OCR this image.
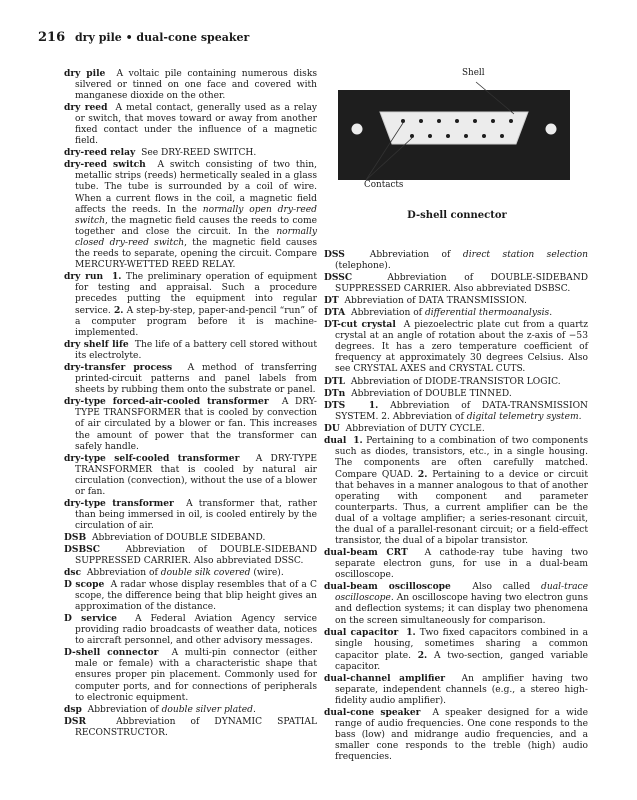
216 dry pile • dual-cone speaker

dry pile A voltaic pile containing numerous disks silvered or tinned on one face and covered with manganese dioxide on the other.

dry reed A metal contact, generally used as a relay or switch, that moves toward or away from another fixed contact under the influence of a magnetic field.

dry-reed relay See DRY-REED SWITCH.

dry-reed switch A switch consisting of two thin, metallic strips (reeds) hermetically sealed in a glass tube. The tube is surrounded by a coil of wire. When a current flows in the coil, a magnetic field affects the reeds. In the normally open dry-reed switch, the magnetic field causes the reeds to come together and close the circuit. In the normally closed dry-reed switch, the magnetic field causes the reeds to separate, opening the circuit. Compare MERCURY-WETTED REED RELAY.

dry run 1. The preliminary operation of equipment for testing and appraisal. Such a procedure precedes putting the equipment into regular service. 2. A step-by-step, paper-and-pencil “run” of a computer program before it is machine-implemented.

dry shelf life The life of a battery cell stored without its electrolyte.

dry-transfer process A method of transferring printed-circuit patterns and panel labels from sheets by rubbing them onto the substrate or panel.

dry-type forced-air-cooled transformer A DRY-TYPE TRANSFORMER that is cooled by convection of air circulated by a blower or fan. This increases the amount of power that the transformer can safely handle.

dry-type self-cooled transformer A DRY-TYPE TRANSFORMER that is cooled by natural air circulation (convection), without the use of a blower or fan.

dry-type transformer A transformer that, rather than being immersed in oil, is cooled entirely by the circulation of air.

DSB Abbreviation of DOUBLE SIDEBAND.

DSBSC	Abbreviation of DOUBLE-SIDEBAND SUPPRESSED CARRIER. Also abbreviated DSSC.

dsc Abbreviation of double silk covered (wire).

D scope A radar whose display resembles that of a C scope, the difference being that blip height gives an approximation of the distance.

D service A Federal Aviation Agency service providing radio broadcasts of weather data, notices to aircraft personnel, and other advisory messages.

D-shell connector A multi-pin connector (either male or female) with a characteristic shape that ensures proper pin placement. Commonly used for computer ports, and for connections of peripherals to electronic equipment.

dsp Abbreviation of double silver plated.

DSR	Abbreviation of DYNAMIC SPATIAL RECONSTRUCTOR.

Shell
Contacts
D-shell connector

DSS	Abbreviation of direct station selection (telephone).

DSSC	Abbreviation of DOUBLE-SIDEBAND SUPPRESSED CARRIER. Also abbreviated DSBSC.

DT Abbreviation of DATA TRANSMISSION.

DTA Abbreviation of differential thermoanalysis.

DT-cut crystal A piezoelectric plate cut from a quartz crystal at an angle of rotation about the z-axis of −53 degrees. It has a zero temperature coefficient of frequency at approximately 30 degrees Celsius. Also see CRYSTAL AXES and CRYSTAL CUTS.

DTL Abbreviation of DIODE-TRANSISTOR LOGIC.

DTn Abbreviation of DOUBLE TINNED.

DTS	1. Abbreviation of DATA-TRANSMISSION SYSTEM. 2. Abbreviation of digital telemetry system.

DU Abbreviation of DUTY CYCLE.

dual 1. Pertaining to a combination of two components such as diodes, transistors, etc., in a single housing. The components are often carefully matched. Compare QUAD. 2. Pertaining to a device or circuit that behaves in a manner analogous to that of another operating with component and parameter counterparts. Thus, a current amplifier can be the dual of a voltage amplifier; a series-resonant circuit, the dual of a parallel-resonant circuit; or a field-effect transistor, the dual of a bipolar transistor.

dual-beam CRT A cathode-ray tube having two separate electron guns, for use in a dual-beam oscilloscope.

dual-beam oscilloscope Also called dual-trace oscilloscope. An oscilloscope having two electron guns and deflection systems; it can display two phenomena on the screen simultaneously for comparison.

dual capacitor 1. Two fixed capacitors combined in a single housing, sometimes sharing a common capacitor plate. 2. A two-section, ganged variable capacitor.

dual-channel amplifier An amplifier having two separate, independent channels (e.g., a stereo high-fidelity audio amplifier).

dual-cone speaker A speaker designed for a wide range of audio frequencies. One cone responds to the bass (low) and midrange audio frequencies, and a smaller cone responds to the treble (high) audio frequencies.
